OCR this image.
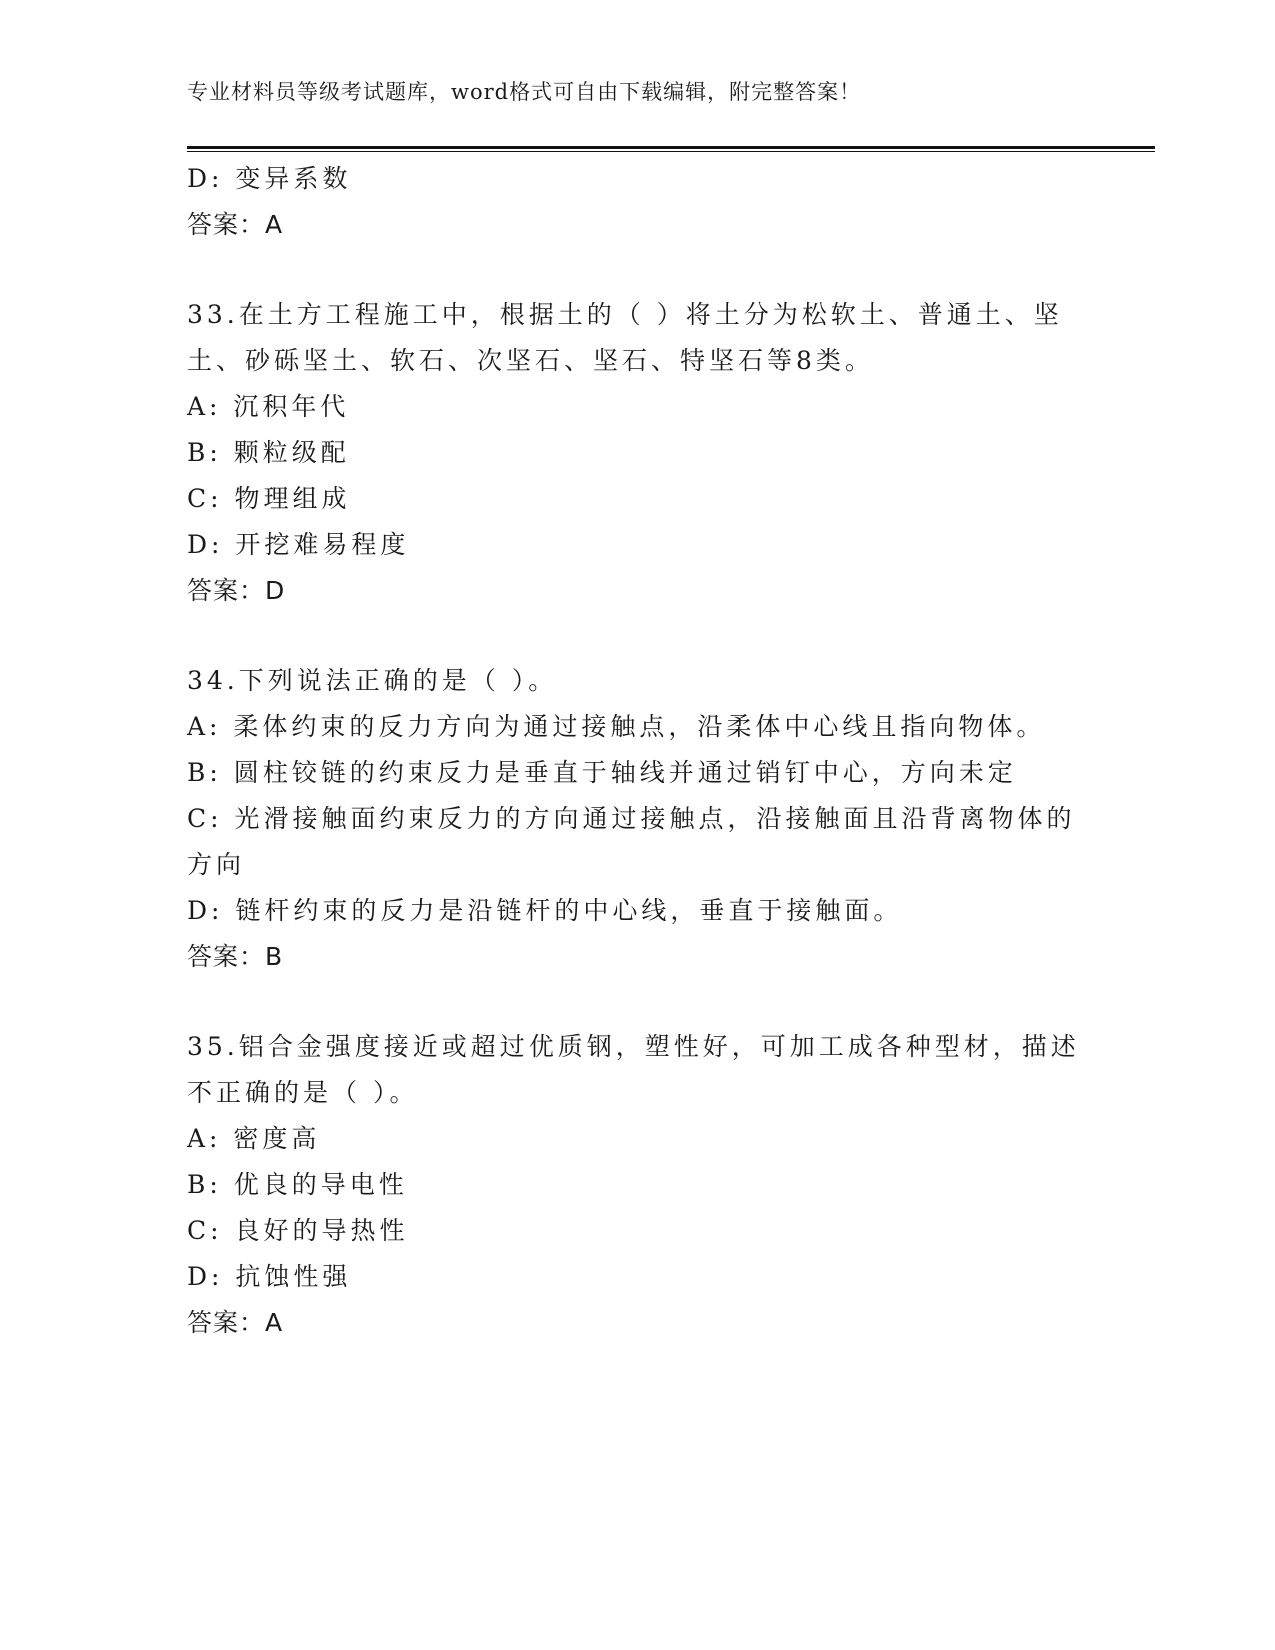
专业材料员等级考试题库，word格式可自由下载编辑，附完整答案！
D: 变异系数
答案：A
33.在土方工程施工中，根据土的（ ）将土分为松软土、普通土、坚
土、砂砾坚土、软石、次坚石、坚石、特坚石等8类。
A: 沉积年代
B: 颗粒级配
C: 物理组成
D: 开挖难易程度
答案：D
34.下列说法正确的是（ ）。
A: 柔体约束的反力方向为通过接触点，沿柔体中心线且指向物体。
B: 圆柱铰链的约束反力是垂直于轴线并通过销钉中心，方向未定
C: 光滑接触面约束反力的方向通过接触点，沿接触面且沿背离物体的
方向
D: 链杆约束的反力是沿链杆的中心线，垂直于接触面。
答案：B
35.铝合金强度接近或超过优质钢，塑性好，可加工成各种型材，描述
不正确的是（ ）。
A: 密度高
B: 优良的导电性
C: 良好的导热性
D: 抗蚀性强
答案：A
